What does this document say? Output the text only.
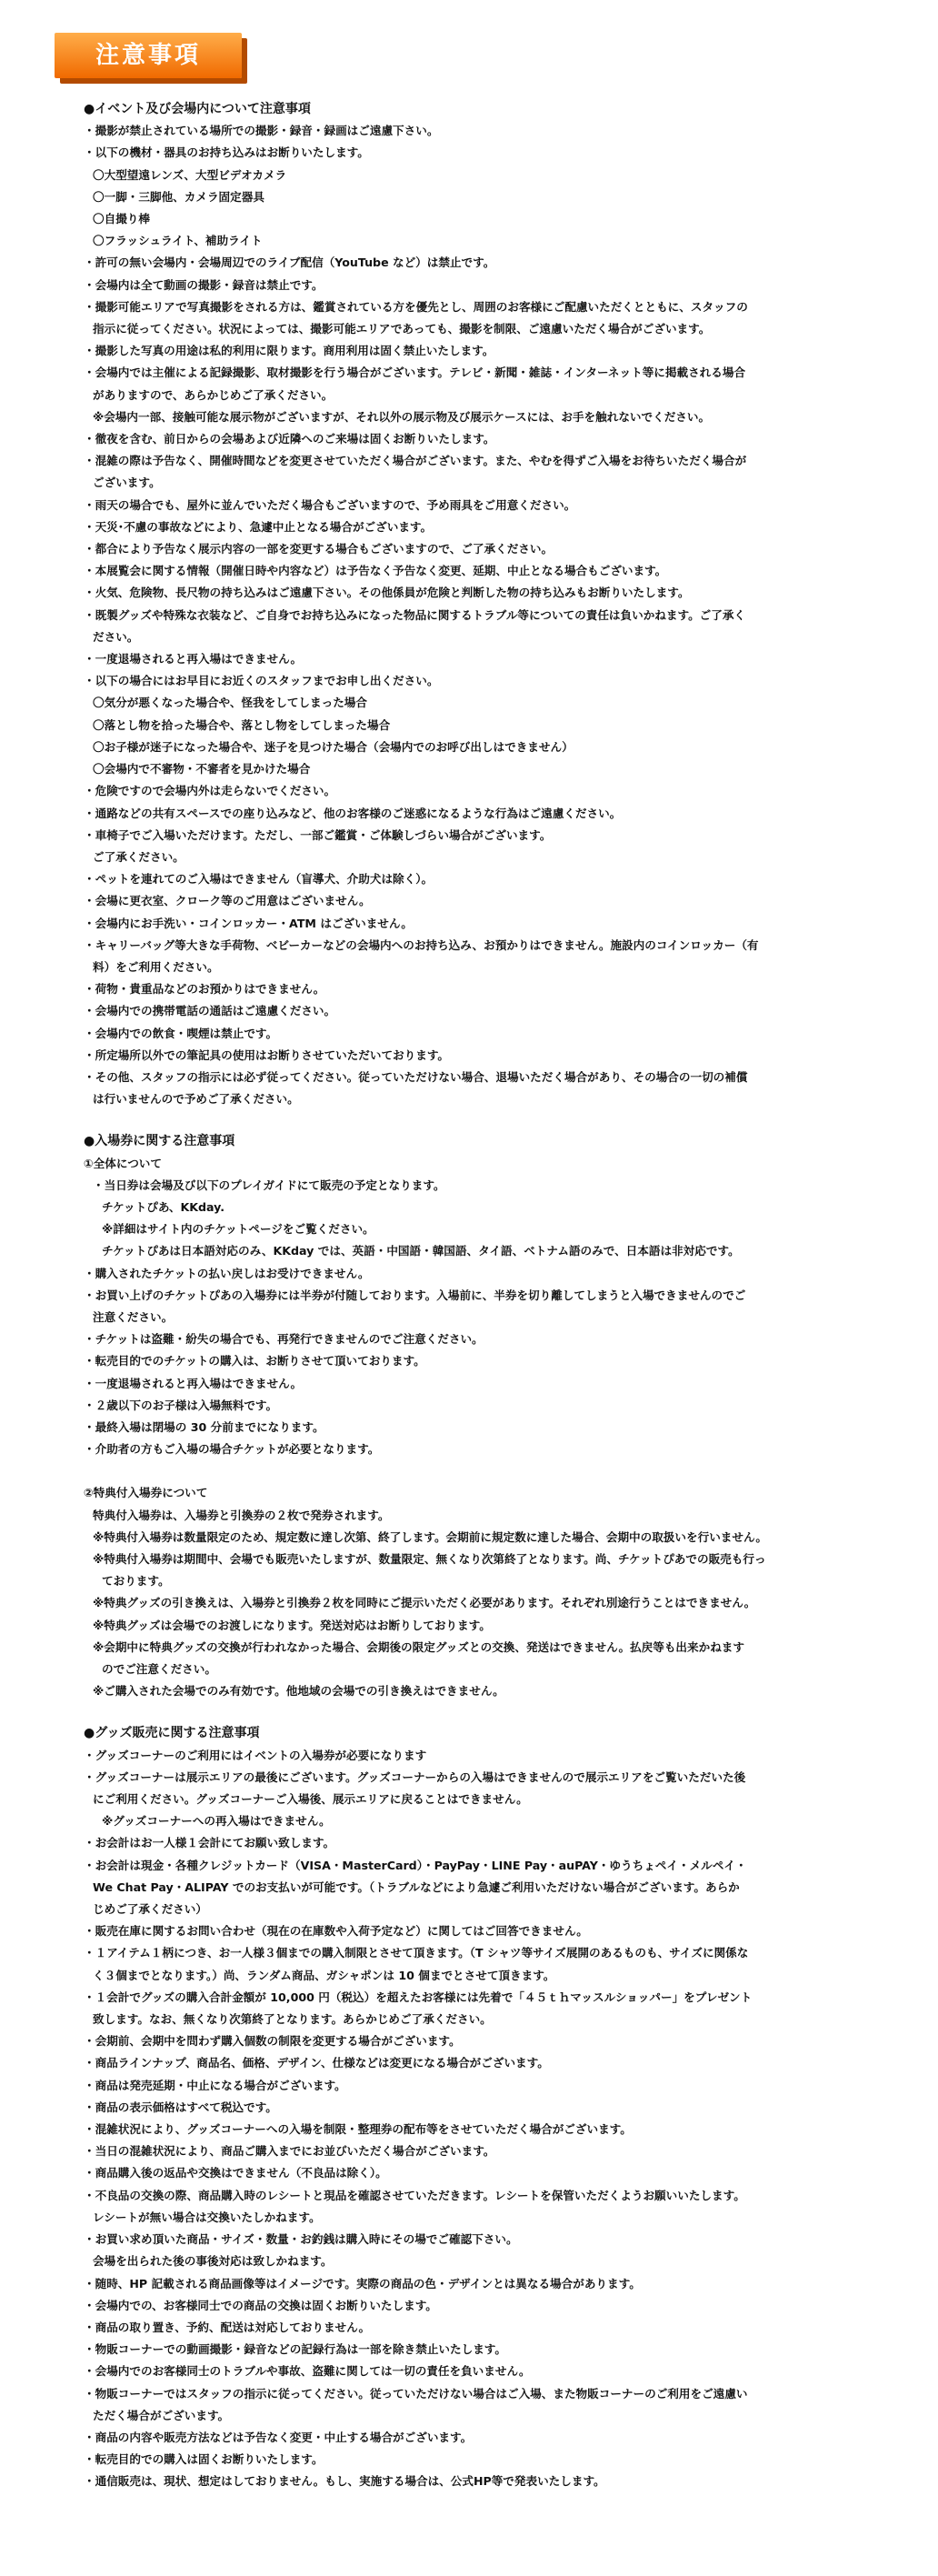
注意事項

●イベント及び会場内について注意事項

・撮影が禁止されている場所での撮影・録音・録画はご遠慮下さい。

・以下の機材・器具のお持ち込みはお断りいたします。

〇大型望遠レンズ、大型ビデオカメラ

〇一脚・三脚他、カメラ固定器具

〇自撮り棒

〇フラッシュライト、補助ライト

・許可の無い会場内・会場周辺でのライブ配信（YouTube など）は禁止です。

・会場内は全て動画の撮影・録音は禁止です。

・撮影可能エリアで写真撮影をされる方は、鑑賞されている方を優先とし、周囲のお客様にご配慮いただくとともに、スタッフの

指示に従ってください。状況によっては、撮影可能エリアであっても、撮影を制限、ご遠慮いただく場合がございます。

・撮影した写真の用途は私的利用に限ります。商用利用は固く禁止いたします。

・会場内では主催による記録撮影、取材撮影を行う場合がございます。テレビ・新聞・雑誌・インターネット等に掲載される場合

がありますので、あらかじめご了承ください。

※会場内一部、接触可能な展示物がございますが、それ以外の展示物及び展示ケースには、お手を触れないでください。

・徹夜を含む、前日からの会場あよび近隣へのご来場は固くお断りいたします。

・混雑の際は予告なく、開催時間などを変更させていただく場合がございます。また、やむを得ずご入場をお待ちいただく場合が

ございます。

・雨天の場合でも、屋外に並んでいただく場合もございますので、予め雨具をご用意ください。

・天災･不慮の事故などにより、急遽中止となる場合がございます。

・都合により予告なく展示内容の一部を変更する場合もございますので、ご了承ください。

・本展覧会に関する情報（開催日時や内容など）は予告なく予告なく変更、延期、中止となる場合もございます。

・火気、危険物、長尺物の持ち込みはご遠慮下さい。その他係員が危険と判断した物の持ち込みもお断りいたします。

・既製グッズや特殊な衣装など、ご自身でお持ち込みになった物品に関するトラブル等についての責任は負いかねます。ご了承く

ださい。

・一度退場されると再入場はできません。

・以下の場合にはお早目にお近くのスタッフまでお申し出ください。

〇気分が悪くなった場合や、怪我をしてしまった場合

〇落とし物を拾った場合や、落とし物をしてしまった場合

〇お子様が迷子になった場合や、迷子を見つけた場合（会場内でのお呼び出しはできません）

〇会場内で不審物・不審者を見かけた場合

・危険ですので会場内外は走らないでください。

・通路などの共有スペースでの座り込みなど、他のお客様のご迷惑になるような行為はご遠慮ください。

・車椅子でご入場いただけます。ただし、一部ご鑑賞・ご体験しづらい場合がございます。

ご了承ください。

・ペットを連れてのご入場はできません（盲導犬、介助犬は除く）。

・会場に更衣室、クローク等のご用意はございません。

・会場内にお手洗い・コインロッカー・ATM はございません。

・キャリーバッグ等大きな手荷物、ベビーカーなどの会場内へのお持ち込み、お預かりはできません。施設内のコインロッカー（有

料）をご利用ください。

・荷物・貴重品などのお預かりはできません。

・会場内での携帯電話の通話はご遠慮ください。

・会場内での飲食・喫煙は禁止です。

・所定場所以外での筆記具の使用はお断りさせていただいております。

・その他、スタッフの指示には必ず従ってください。従っていただけない場合、退場いただく場合があり、その場合の一切の補償

は行いませんので予めご了承ください。

●入場券に関する注意事項

①全体について

・当日券は会場及び以下のプレイガイドにて販売の予定となります。

チケットぴあ、KKday.

※詳細はサイト内のチケットページをご覧ください。

チケットぴあは日本語対応のみ、KKday では、英語・中国語・韓国語、タイ語、ベトナム語のみで、日本語は非対応です。

・購入されたチケットの払い戻しはお受けできません。

・お買い上げのチケットぴあの入場券には半券が付随しております。入場前に、半券を切り離してしまうと入場できませんのでご

注意ください。

・チケットは盗難・紛失の場合でも、再発行できませんのでご注意ください。

・転売目的でのチケットの購入は、お断りさせて頂いております。

・一度退場されると再入場はできません。

・２歳以下のお子様は入場無料です。

・最終入場は閉場の 30 分前までになります。

・介助者の方もご入場の場合チケットが必要となります。

②特典付入場券について

特典付入場券は、入場券と引換券の２枚で発券されます。

※特典付入場券は数量限定のため、規定数に達し次第、終了します。会期前に規定数に達した場合、会期中の取扱いを行いません。

※特典付入場券は期間中、会場でも販売いたしますが、数量限定、無くなり次第終了となります。尚、チケットぴあでの販売も行っ

ております。

※特典グッズの引き換えは、入場券と引換券２枚を同時にご提示いただく必要があります。それぞれ別途行うことはできません。

※特典グッズは会場でのお渡しになります。発送対応はお断りしております。

※会期中に特典グッズの交換が行われなかった場合、会期後の限定グッズとの交換、発送はできません。払戻等も出来かねます

のでご注意ください。

※ご購入された会場でのみ有効です。他地域の会場での引き換えはできません。

●グッズ販売に関する注意事項

・グッズコーナーのご利用にはイベントの入場券が必要になります

・グッズコーナーは展示エリアの最後にございます。グッズコーナーからの入場はできませんので展示エリアをご覧いただいた後

にご利用ください。グッズコーナーご入場後、展示エリアに戻ることはできません。

※グッズコーナーへの再入場はできません。

・お会計はお一人様１会計にてお願い致します。

・お会計は現金・各種クレジットカード（VISA・MasterCard）・PayPay・LINE Pay・auPAY・ゆうちょペイ・メルペイ・

We Chat Pay・ALIPAY でのお支払いが可能です。（トラブルなどにより急遽ご利用いただけない場合がございます。あらか

じめご了承ください）

・販売在庫に関するお問い合わせ（現在の在庫数や入荷予定など）に関してはご回答できません。

・１アイテム１柄につき、お一人様３個までの購入制限とさせて頂きます。（T シャツ等サイズ展開のあるものも、サイズに関係な

く３個までとなります。）尚、ランダム商品、ガシャポンは 10 個までとさせて頂きます。

・１会計でグッズの購入合計金額が 10,000 円（税込）を超えたお客様には先着で「４５ｔｈマッスルショッパー」をプレゼント

致します。なお、無くなり次第終了となります。あらかじめご了承ください。

・会期前、会期中を問わず購入個数の制限を変更する場合がございます。

・商品ラインナップ、商品名、価格、デザイン、仕様などは変更になる場合がございます。

・商品は発売延期・中止になる場合がございます。

・商品の表示価格はすべて税込です。

・混雑状況により、グッズコーナーへの入場を制限・整理券の配布等をさせていただく場合がございます。

・当日の混雑状況により、商品ご購入までにお並びいただく場合がございます。

・商品購入後の返品や交換はできません（不良品は除く）。

・不良品の交換の際、商品購入時のレシートと現品を確認させていただきます。レシートを保管いただくようお願いいたします。

レシートが無い場合は交換いたしかねます。

・お買い求め頂いた商品・サイズ・数量・お釣銭は購入時にその場でご確認下さい。

会場を出られた後の事後対応は致しかねます。

・随時、HP 記載される商品画像等はイメージです。実際の商品の色・デザインとは異なる場合があります。

・会場内での、お客様同士での商品の交換は固くお断りいたします。

・商品の取り置き、予約、配送は対応しておりません。

・物販コーナーでの動画撮影・録音などの記録行為は一部を除き禁止いたします。

・会場内でのお客様同士のトラブルや事故、盗難に関しては一切の責任を負いません。

・物販コーナーではスタッフの指示に従ってください。従っていただけない場合はご入場、また物販コーナーのご利用をご遠慮い

ただく場合がございます。

・商品の内容や販売方法などは予告なく変更・中止する場合がございます。

・転売目的での購入は固くお断りいたします。

・通信販売は、現状、想定はしておりません。もし、実施する場合は、公式HP等で発表いたします。
